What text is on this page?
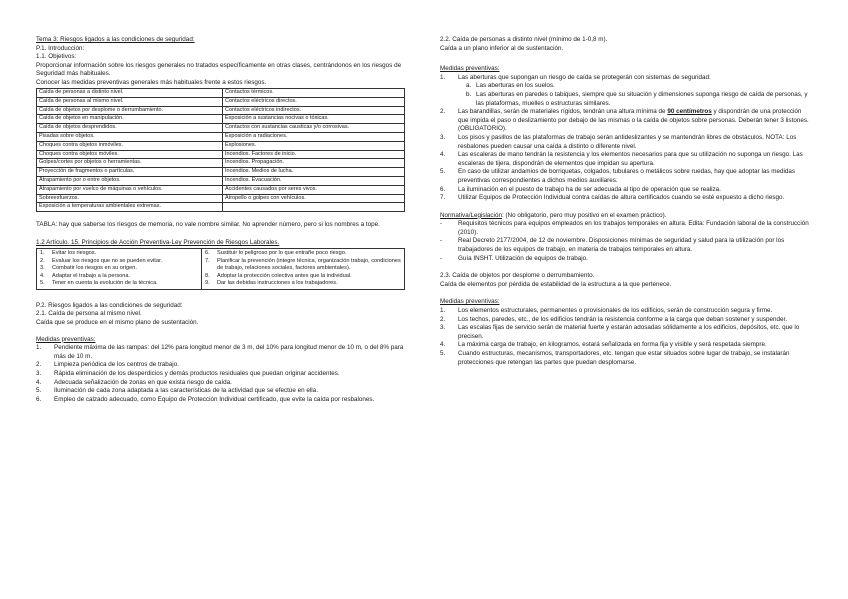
Tema 3: Riesgos ligados a las condiciones de seguridad:

P.1. Introducción:

1.1. Objetivos:

Proporcionar información sobre los riesgos generales no tratados específicamente en otras clases, centrándonos en los riesgos de Seguridad más habituales.

Conocer las medidas preventivas generales más habituales frente a estos riesgos.

Caída de personas a distinto nivel.	Contactos térmicos.
Caída de personas al mismo nivel.	Contactos eléctricos directos.
Caída de objetos por desplome o derrumbamiento.	Contactos eléctricos indirectos.
Caída de objetos en manipulación.	Exposición a sustancias nocivas o tóxicas.
Caída de objetos desprendidos.	Contactos con sustancias causticas y/o corrosivas.
Pisadas sobre objetos.	Exposición a radiaciones.
Choques contra objetos inmóviles.	Explosiones.
Choques contra objetos móviles.	Incendios. Factores de inicio.
Golpes/cortes por objetos o herramientas.	Incendios. Propagación.
Proyección de fragmentos o partículas.	Incendios. Medios de lucha.
Atrapamiento por o entre objetos.	Incendios. Evacuación.
Atrapamiento por vuelco de máquinas o vehículos.	Accidentes causados por seres vivos.
Sobreesfuerzos.	Atropello o golpes con vehículos.
Exposición a temperaturas ambientales extremas.	

TABLA: hay que saberse los riesgos de memoria, no vale nombre similar. No aprender número, pero si los nombres a tope.

1.2 Artículo. 15. Principios de Acción Preventiva-Ley Prevención de Riesgos Laborales.

1.	Evitar los riesgos.
2.	Evaluar los riesgos que no se pueden evitar.
3.	Combatir los riesgos en su origen.
4.	Adaptar el trabajo a la persona.
5.	Tener en cuenta la evolución de la técnica.

6.	Sustituir lo peligroso por lo que entrañe poco riesgo.
7.	Planificar la prevención (integre técnica, organización trabajo, condiciones de trabajo, relaciones sociales, factores ambientales).
8.	Adoptar la protección colectiva antes que la individual.
9.	Dar las debidas instrucciones a los trabajadores.

P.2. Riesgos ligados a las condiciones de seguridad:

2.1. Caída de persona al mismo nivel.

Caída que se produce en el mismo plano de sustentación.

Medidas preventivas:

1.	Pendiente máxima de las rampas: del 12% para longitud menor de 3 m, del 10% para longitud menor de 10 m, o del 8% para más de 10 m.
2.	Limpieza periódica de los centros de trabajo.
3.	Rápida eliminación de los desperdicios y demás productos residuales que puedan originar accidentes.
4.	Adecuada señalización de zonas en que exista riesgo de caída.
5.	Iluminación de cada zona adaptada a las características de la actividad que se efectúe en ella.
6.	Empleo de calzado adecuado, como Equipo de Protección Individual certificado, que evite la caída por resbalones.

2.2. Caída de personas a distinto nivel (mínimo de 1-0,8 m).

Caída a un plano inferior al de sustentación.

Medidas preventivas:

1.	Las aberturas que supongan un riesgo de caída se protegerán con sistemas de seguridad:
a. Las aberturas en los suelos.
b. Las aberturas en paredes o tabiques, siempre que su situación y dimensiones suponga riesgo de caída de personas, y las plataformas, muelles o estructuras similares.
2.	Las barandillas, serán de materiales rígidos, tendrán una altura mínima de 90 centímetros y dispondrán de una protección que impida el paso o deslizamiento por debajo de las mismas o la caída de objetos sobre personas. Deberán tener 3 listones. (OBLIGATORIO).
3.	Los pisos y pasillos de las plataformas de trabajo serán antideslizantes y se mantendrán libres de obstáculos. NOTA: Los resbalones pueden causar una caída a distinto o diferente nivel.
4.	Las escaleras de mano tendrán la resistencia y los elementos necesarios para que su utilización no suponga un riesgo. Las escaleras de tijera, dispondrán de elementos que impidan su apertura.
5.	En caso de utilizar andamios de borriquetas, colgados, tubulares o metálicos sobre ruedas, hay que adoptar las medidas preventivas correspondientes a dichos medios auxiliares.
6.	La iluminación en el puesto de trabajo ha de ser adecuada al tipo de operación que se realiza.
7.	Utilizar Equipos de Protección Individual contra caídas de altura certificados cuando se esté expuesto a dicho riesgo.

Normativa/Legislación: (No obligatorio, pero muy positivo en el examen práctico).

-	Requisitos técnicos para equipos empleados en los trabajos temporales en altura. Edita: Fundación laboral de la construcción (2010).
-	Real Decreto 2177/2004, de 12 de noviembre. Disposiciones mínimas de seguridad y salud para la utilización por los trabajadores de los equipos de trabajo, en materia de trabajos temporales en altura.
-	Guía INSHT. Utilización de equipos de trabajo.

2.3. Caída de objetos por desplome o derrumbamiento.

Caída de elementos por pérdida de estabilidad de la estructura a la que pertenece.

Medidas preventivas:

1.	Los elementos estructurales, permanentes o provisionales de los edificios, serán de construcción segura y firme.
2.	Los techos, paredes, etc., de los edificios tendrán la resistencia conforme a la carga que deban sostener y suspender.
3.	Las escalas fijas de servicio serán de material fuerte y estarán adosadas sólidamente a los edificios, depósitos, etc. que lo precisen.
4.	La máxima carga de trabajo, en kilogramos, estará señalizada en forma fija y visible y será respetada siempre.
5.	Cuando estructuras, mecanismos, transportadores, etc. tengan que estar situados sobre lugar de trabajo, se instalarán protecciones que retengan las partes que puedan desplomarse.
